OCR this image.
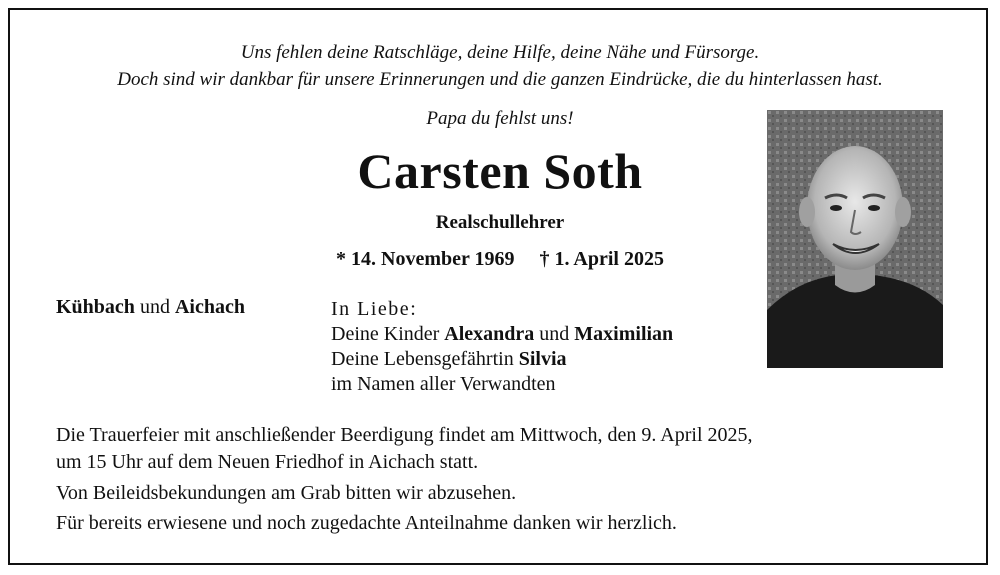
Uns fehlen deine Ratschläge, deine Hilfe, deine Nähe und Fürsorge.
Doch sind wir dankbar für unsere Erinnerungen und die ganzen Eindrücke, die du hinterlassen hast.
Papa du fehlst uns!
Carsten Soth
Realschullehrer
* 14. November 1969 † 1. April 2025
Kühbach und Aichach	In Liebe:
Deine Kinder Alexandra und Maximilian
Deine Lebensgefährtin Silvia
im Namen aller Verwandten
Die Trauerfeier mit anschließender Beerdigung findet am Mittwoch, den 9. April 2025,
um 15 Uhr auf dem Neuen Friedhof in Aichach statt.
Von Beileidsbekundungen am Grab bitten wir abzusehen.
Für bereits erwiesene und noch zugedachte Anteilnahme danken wir herzlich.
